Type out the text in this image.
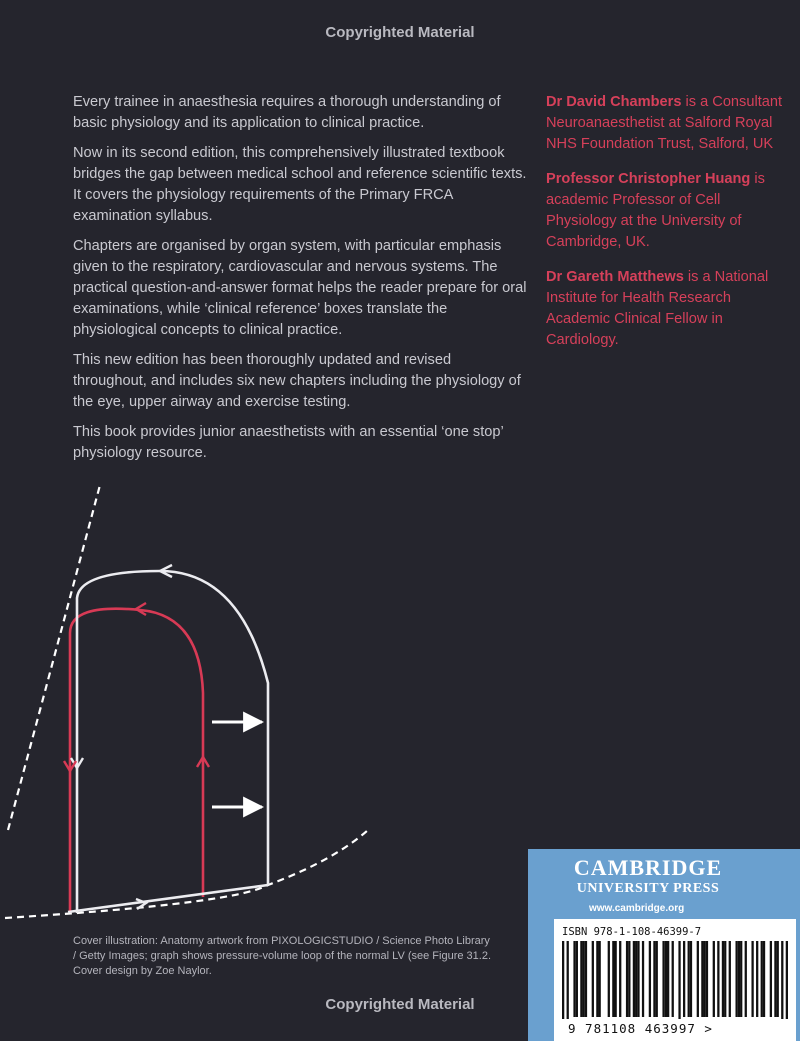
Copyrighted Material

Every trainee in anaesthesia requires a thorough understanding of basic physiology and its application to clinical practice.

Now in its second edition, this comprehensively illustrated textbook bridges the gap between medical school and reference scientific texts. It covers the physiology requirements of the Primary FRCA examination syllabus.

Chapters are organised by organ system, with particular emphasis given to the respiratory, cardiovascular and nervous systems. The practical question-and-answer format helps the reader prepare for oral examinations, while ‘clinical reference’ boxes translate the physiological concepts to clinical practice.

This new edition has been thoroughly updated and revised throughout, and includes six new chapters including the physiology of the eye, upper airway and exercise testing.

This book provides junior anaesthetists with an essential ‘one stop’ physiology resource.

Dr David Chambers is a Consultant Neuroanaesthetist at Salford Royal NHS Foundation Trust, Salford, UK

Professor Christopher Huang is academic Professor of Cell Physiology at the University of Cambridge, UK.

Dr Gareth Matthews is a National Institute for Health Research Academic Clinical Fellow in Cardiology.

Cover illustration: Anatomy artwork from PIXOLOGICSTUDIO / Science Photo Library / Getty Images; graph shows pressure-volume loop of the normal LV (see Figure 31.2. Cover design by Zoe Naylor.
CAMBRIDGE
UNIVERSITY PRESS
www.cambridge.org
ISBN 978-1-108-46399-7
9 781108 463997 >
Copyrighted Material
